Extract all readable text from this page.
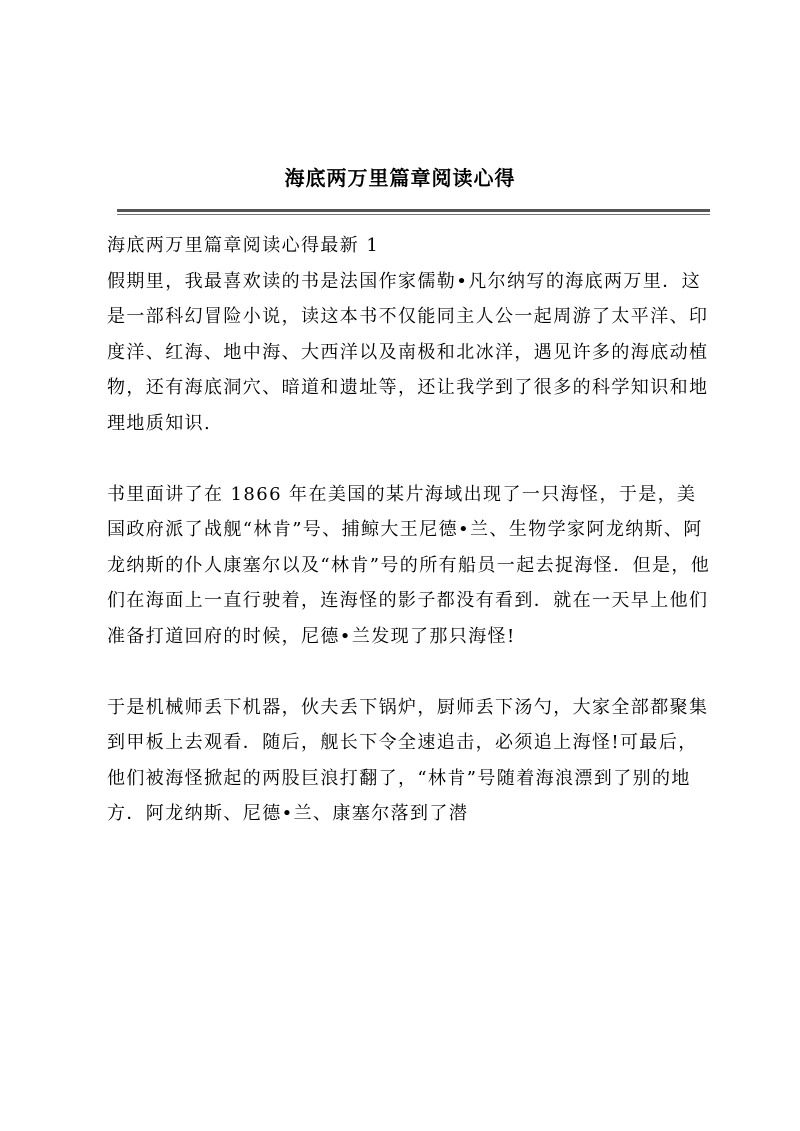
海底两万里篇章阅读心得

海底两万里篇章阅读心得最新 1

假期里，我最喜欢读的书是法国作家儒勒•凡尔纳写的海底两万里．这是一部科幻冒险小说，读这本书不仅能同主人公一起周游了太平洋、印度洋、红海、地中海、大西洋以及南极和北冰洋，遇见许多的海底动植物，还有海底洞穴、暗道和遗址等，还让我学到了很多的科学知识和地理地质知识.

书里面讲了在 1866 年在美国的某片海域出现了一只海怪，于是，美国政府派了战舰“林肯”号、捕鲸大王尼德•兰、生物学家阿龙纳斯、阿龙纳斯的仆人康塞尔以及“林肯”号的所有船员一起去捉海怪．但是，他们在海面上一直行驶着，连海怪的影子都没有看到．就在一天早上他们准备打道回府的时候，尼德•兰发现了那只海怪!

于是机械师丢下机器，伙夫丢下锅炉，厨师丢下汤勺，大家全部都聚集到甲板上去观看．随后，舰长下令全速追击，必须追上海怪!可最后，他们被海怪掀起的两股巨浪打翻了，“林肯”号随着海浪漂到了别的地方．阿龙纳斯、尼德•兰、康塞尔落到了潜
